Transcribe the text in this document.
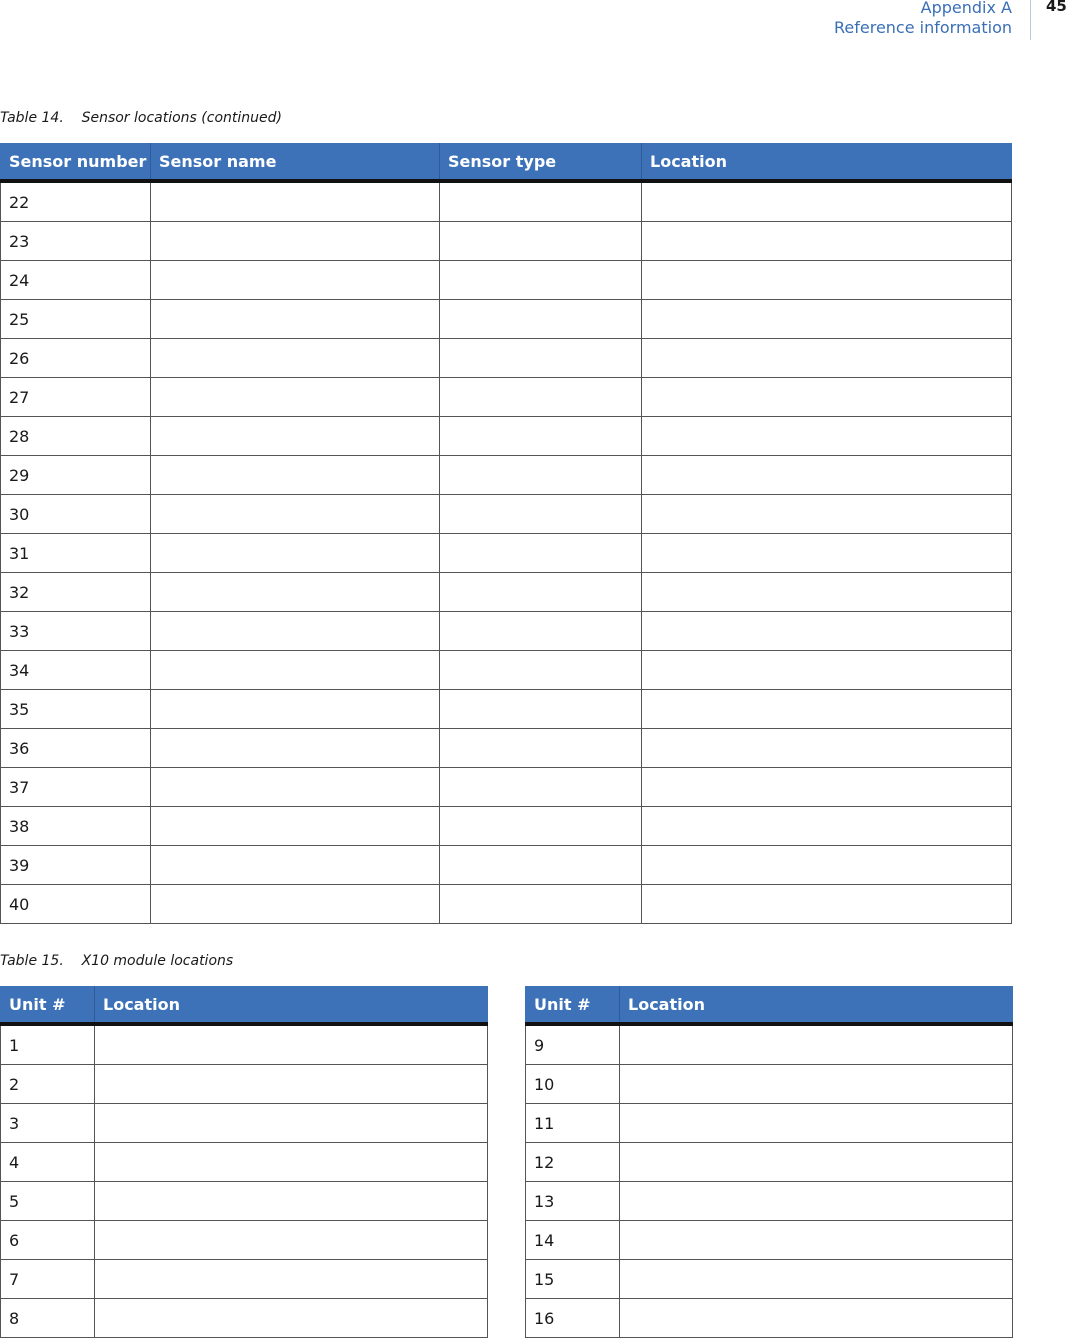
Appendix A
Reference information
45
Table 14.    Sensor locations (continued)
Sensor number	Sensor name	Sensor type	Location
22			
23			
24			
25			
26			
27			
28			
29			
30			
31			
32			
33			
34			
35			
36			
37			
38			
39			
40			
Table 15.    X10 module locations
Unit #	Location
1	
2	
3	
4	
5	
6	
7	
8	
Unit #	Location
9	
10	
11	
12	
13	
14	
15	
16	
